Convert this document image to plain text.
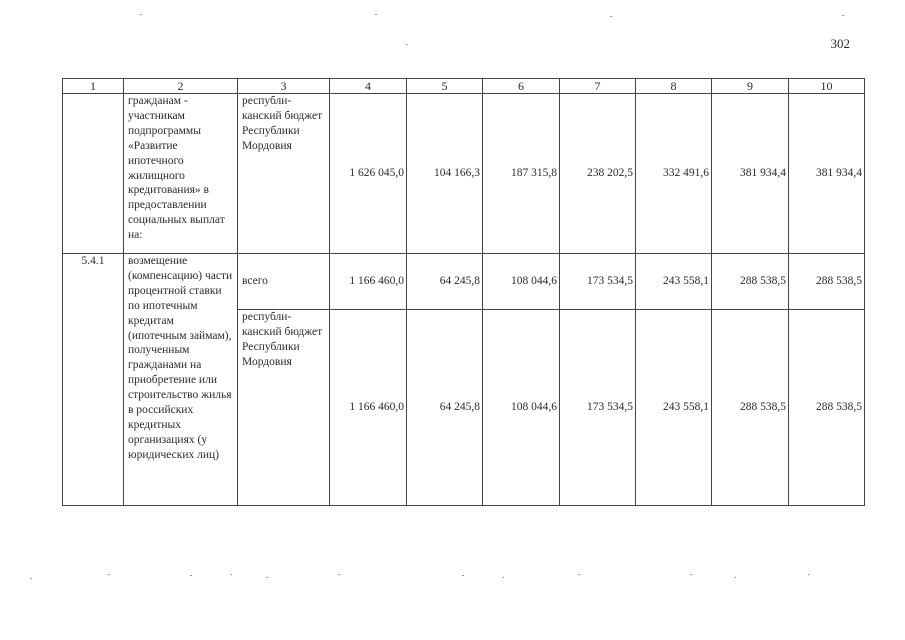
302
1	2	3	4	5	6	7	8	9	10
	гражданам - участникам подпрограммы «Развитие ипотечного жилищного кредитования» в предоставлении социальных выплат на:	республи-канский бюджет Республики Мордовия	1 626 045,0	104 166,3	187 315,8	238 202,5	332 491,6	381 934,4	381 934,4
5.4.1	возмещение (компенсацию) части процентной ставки по ипотечным кредитам (ипотечным займам), полученным гражданами на приобретение или строительство жилья в российских кредитных организациях (у юридических лиц)	всего	1 166 460,0	64 245,8	108 044,6	173 534,5	243 558,1	288 538,5	288 538,5
		республи-канский бюджет Республики Мордовия	1 166 460,0	64 245,8	108 044,6	173 534,5	243 558,1	288 538,5	288 538,5
